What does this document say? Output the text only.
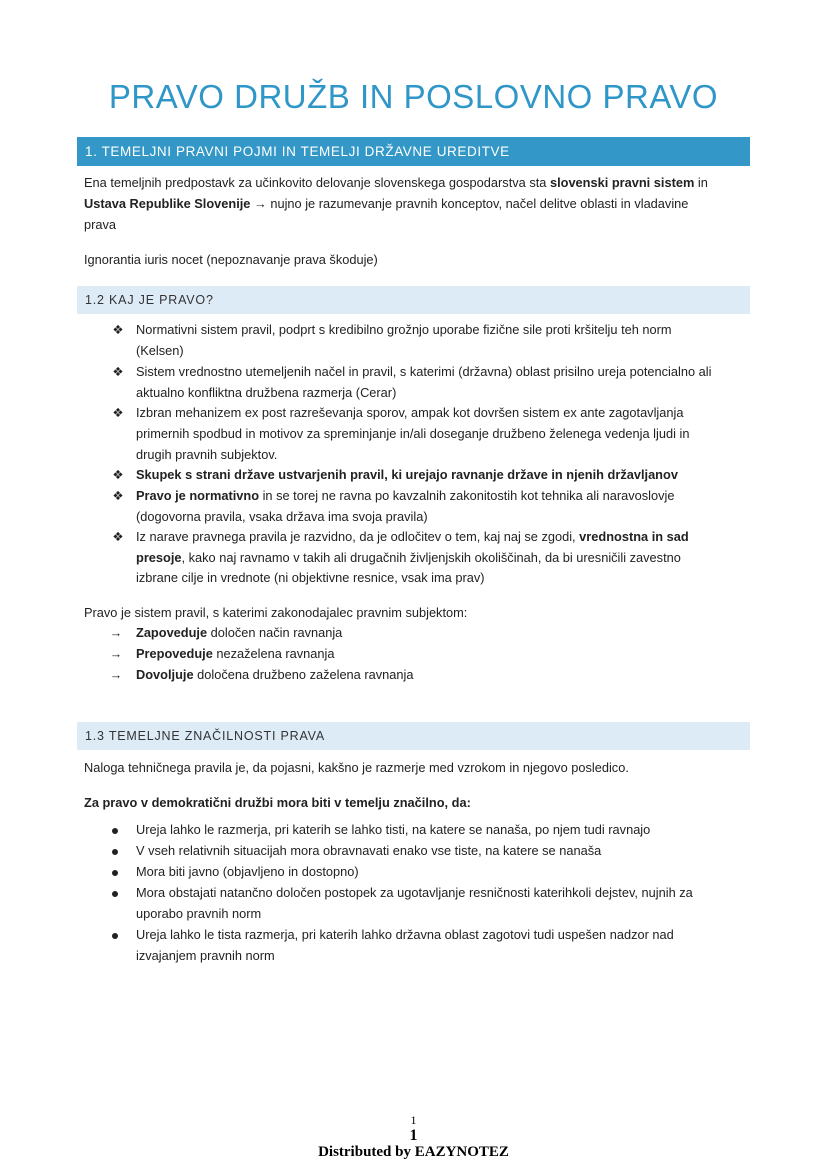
PRAVO DRUŽB IN POSLOVNO PRAVO
1. TEMELJNI PRAVNI POJMI IN TEMELJI DRŽAVNE UREDITVE
Ena temeljnih predpostavk za učinkovito delovanje slovenskega gospodarstva sta slovenski pravni sistem in
Ustava Republike Slovenije → nujno je razumevanje pravnih konceptov, načel delitve oblasti in vladavine
prava
Ignorantia iuris nocet (nepoznavanje prava škoduje)
1.2 KAJ JE PRAVO?
❖ Normativni sistem pravil, podprt s kredibilno grožnjo uporabe fizične sile proti kršitelju teh norm
(Kelsen)
❖ Sistem vrednostno utemeljenih načel in pravil, s katerimi (državna) oblast prisilno ureja potencialno ali
aktualno konfliktna družbena razmerja (Cerar)
❖ Izbran mehanizem ex post razreševanja sporov, ampak kot dovršen sistem ex ante zagotavljanja
primernih spodbud in motivov za spreminjanje in/ali doseganje družbeno želenega vedenja ljudi in
drugih pravnih subjektov.
❖ Skupek s strani države ustvarjenih pravil, ki urejajo ravnanje države in njenih državljanov
❖ Pravo je normativno in se torej ne ravna po kavzalnih zakonitostih kot tehnika ali naravoslovje
(dogovorna pravila, vsaka država ima svoja pravila)
❖ Iz narave pravnega pravila je razvidno, da je odločitev o tem, kaj naj se zgodi, vrednostna in sad
presoje, kako naj ravnamo v takih ali drugačnih življenjskih okoliščinah, da bi uresničili zavestno
izbrane cilje in vrednote (ni objektivne resnice, vsak ima prav)
Pravo je sistem pravil, s katerimi zakonodajalec pravnim subjektom:
→ Zapoveduje določen način ravnanja
→ Prepoveduje nezaželena ravnanja
→ Dovoljuje določena družbeno zaželena ravnanja
1.3 TEMELJNE ZNAČILNOSTI PRAVA
Naloga tehničnega pravila je, da pojasni, kakšno je razmerje med vzrokom in njegovo posledico.
Za pravo v demokratični družbi mora biti v temelju značilno, da:
Ureja lahko le razmerja, pri katerih se lahko tisti, na katere se nanaša, po njem tudi ravnajo
V vseh relativnih situacijah mora obravnavati enako vse tiste, na katere se nanaša
Mora biti javno (objavljeno in dostopno)
Mora obstajati natančno določen postopek za ugotavljanje resničnosti katerihkoli dejstev, nujnih za
uporabo pravnih norm
Ureja lahko le tista razmerja, pri katerih lahko državna oblast zagotovi tudi uspešen nadzor nad
izvajanjem pravnih norm
1
1
Distributed by EAZYNOTEZ
